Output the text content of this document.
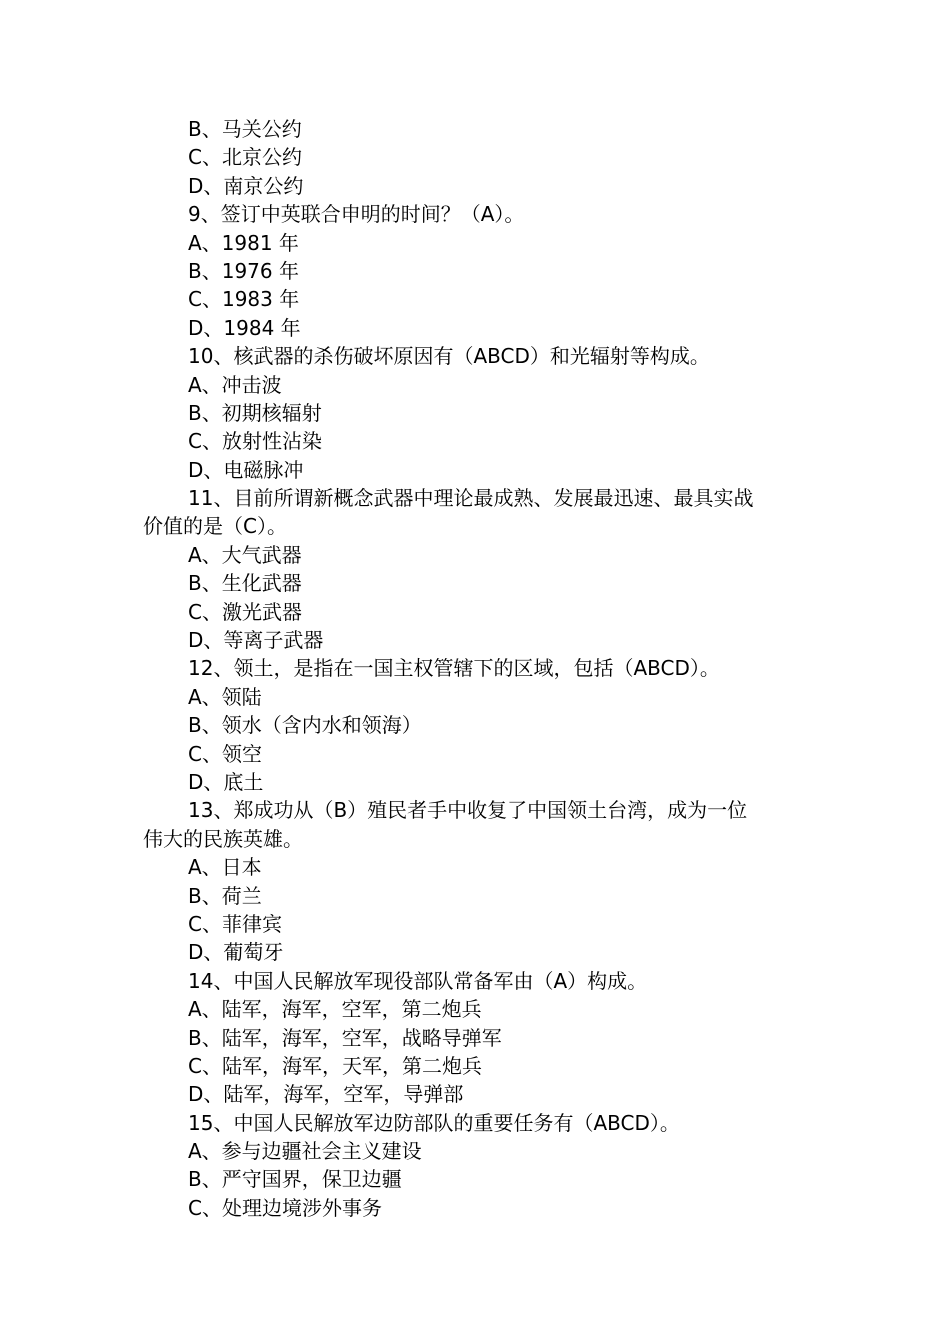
B、马关公约
C、北京公约
D、南京公约
9、签订中英联合申明的时间？（A）。
A、1981 年
B、1976 年
C、1983 年
D、1984 年
10、核武器的杀伤破坏原因有（ABCD）和光辐射等构成。
A、冲击波
B、初期核辐射
C、放射性沾染
D、电磁脉冲
11、目前所谓新概念武器中理论最成熟、发展最迅速、最具实战
价值的是（C）。
A、大气武器
B、生化武器
C、激光武器
D、等离子武器
12、领土，是指在一国主权管辖下的区域，包括（ABCD）。
A、领陆
B、领水（含内水和领海）
C、领空
D、底土
13、郑成功从（B）殖民者手中收复了中国领土台湾，成为一位
伟大的民族英雄。
A、日本
B、荷兰
C、菲律宾
D、葡萄牙
14、中国人民解放军现役部队常备军由（A）构成。
A、陆军，海军，空军，第二炮兵
B、陆军，海军，空军，战略导弹军
C、陆军，海军，天军，第二炮兵
D、陆军，海军，空军，导弹部
15、中国人民解放军边防部队的重要任务有（ABCD）。
A、参与边疆社会主义建设
B、严守国界，保卫边疆
C、处理边境涉外事务
